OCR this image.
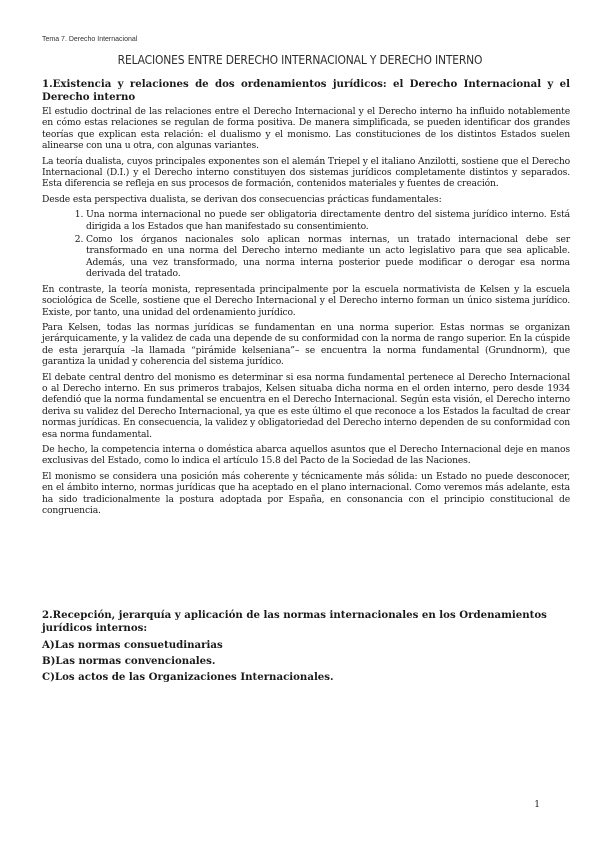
Tema 7. Derecho Internacional
RELACIONES ENTRE DERECHO INTERNACIONAL Y DERECHO INTERNO
1.Existencia y relaciones de dos ordenamientos jurídicos: el Derecho Internacional y el Derecho interno

El estudio doctrinal de las relaciones entre el Derecho Internacional y el Derecho interno ha influido notablemente en cómo estas relaciones se regulan de forma positiva. De manera simplificada, se pueden identificar dos grandes teorías que explican esta relación: el dualismo y el monismo. Las constituciones de los distintos Estados suelen alinearse con una u otra, con algunas variantes.

La teoría dualista, cuyos principales exponentes son el alemán Triepel y el italiano Anzilotti, sostiene que el Derecho Internacional (D.I.) y el Derecho interno constituyen dos sistemas jurídicos completamente distintos y separados. Esta diferencia se refleja en sus procesos de formación, contenidos materiales y fuentes de creación.

Desde esta perspectiva dualista, se derivan dos consecuencias prácticas fundamentales:

1. Una norma internacional no puede ser obligatoria directamente dentro del sistema jurídico interno. Está dirigida a los Estados que han manifestado su consentimiento.
2. Como los órganos nacionales solo aplican normas internas, un tratado internacional debe ser transformado en una norma del Derecho interno mediante un acto legislativo para que sea aplicable. Además, una vez transformado, una norma interna posterior puede modificar o derogar esa norma derivada del tratado.

En contraste, la teoría monista, representada principalmente por la escuela normativista de Kelsen y la escuela sociológica de Scelle, sostiene que el Derecho Internacional y el Derecho interno forman un único sistema jurídico. Existe, por tanto, una unidad del ordenamiento jurídico.

Para Kelsen, todas las normas jurídicas se fundamentan en una norma superior. Estas normas se organizan jerárquicamente, y la validez de cada una depende de su conformidad con la norma de rango superior. En la cúspide de esta jerarquía –la llamada “pirámide kelseniana”– se encuentra la norma fundamental (Grundnorm), que garantiza la unidad y coherencia del sistema jurídico.

El debate central dentro del monismo es determinar si esa norma fundamental pertenece al Derecho Internacional o al Derecho interno. En sus primeros trabajos, Kelsen situaba dicha norma en el orden interno, pero desde 1934 defendió que la norma fundamental se encuentra en el Derecho Internacional. Según esta visión, el Derecho interno deriva su validez del Derecho Internacional, ya que es este último el que reconoce a los Estados la facultad de crear normas jurídicas. En consecuencia, la validez y obligatoriedad del Derecho interno dependen de su conformidad con esa norma fundamental.

De hecho, la competencia interna o doméstica abarca aquellos asuntos que el Derecho Internacional deje en manos exclusivas del Estado, como lo indica el artículo 15.8 del Pacto de la Sociedad de las Naciones.

El monismo se considera una posición más coherente y técnicamente más sólida: un Estado no puede desconocer, en el ámbito interno, normas jurídicas que ha aceptado en el plano internacional. Como veremos más adelante, esta ha sido tradicionalmente la postura adoptada por España, en consonancia con el principio constitucional de congruencia.

2.Recepción, jerarquía y aplicación de las normas internacionales en los Ordenamientos jurídicos internos:
A)Las normas consuetudinarias
B)Las normas convencionales.
C)Los actos de las Organizaciones Internacionales.
1
